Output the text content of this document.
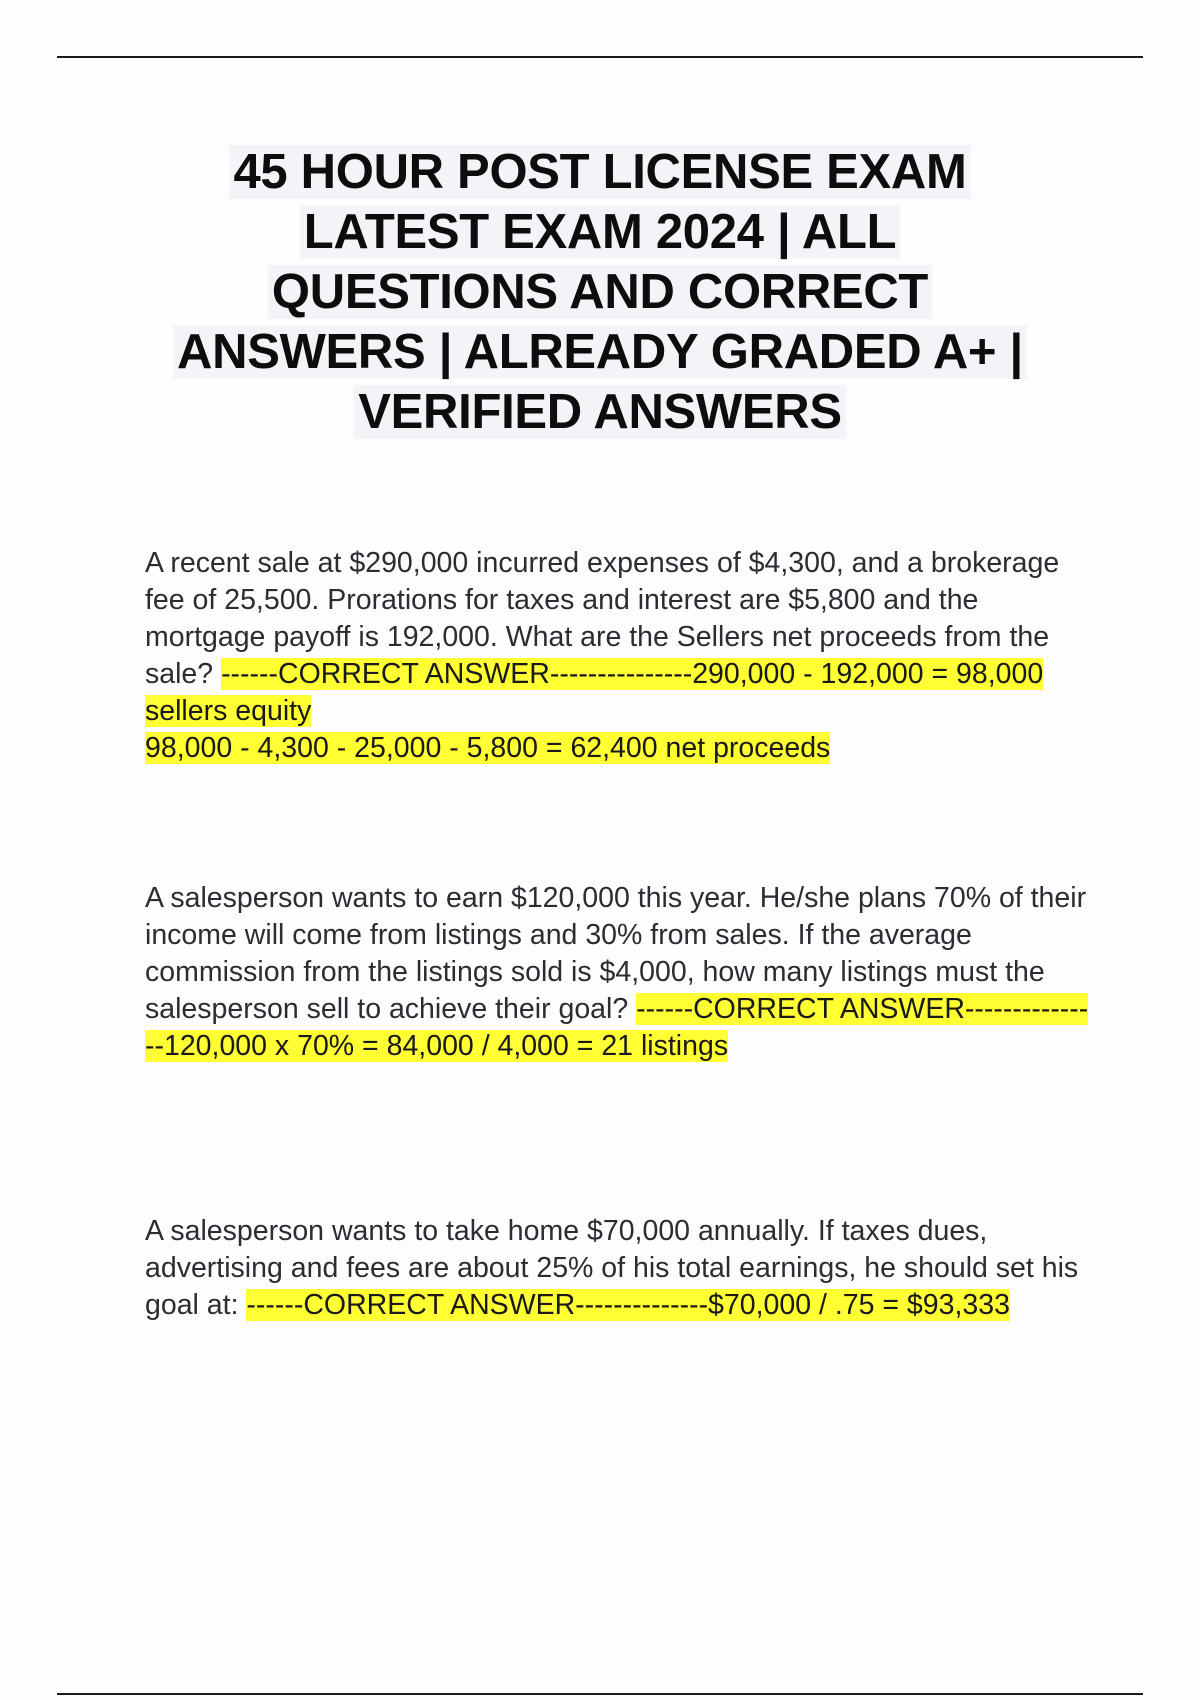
45 HOUR POST LICENSE EXAM
LATEST EXAM 2024 | ALL
QUESTIONS AND CORRECT
ANSWERS | ALREADY GRADED A+ |
VERIFIED ANSWERS

A recent sale at $290,000 incurred expenses of $4,300, and a brokerage fee of 25,500. Prorations for taxes and interest are $5,800 and the mortgage payoff is 192,000. What are the Sellers net proceeds from the sale? ------CORRECT ANSWER---------------290,000 - 192,000 = 98,000 sellers equity
98,000 - 4,300 - 25,000 - 5,800 = 62,400 net proceeds

A salesperson wants to earn $120,000 this year. He/she plans 70% of their income will come from listings and 30% from sales. If the average commission from the listings sold is $4,000, how many listings must the salesperson sell to achieve their goal? ------CORRECT ANSWER---------------120,000 x 70% = 84,000 / 4,000 = 21 listings

A salesperson wants to take home $70,000 annually. If taxes dues, advertising and fees are about 25% of his total earnings, he should set his goal at: ------CORRECT ANSWER--------------$70,000 / .75 = $93,333
